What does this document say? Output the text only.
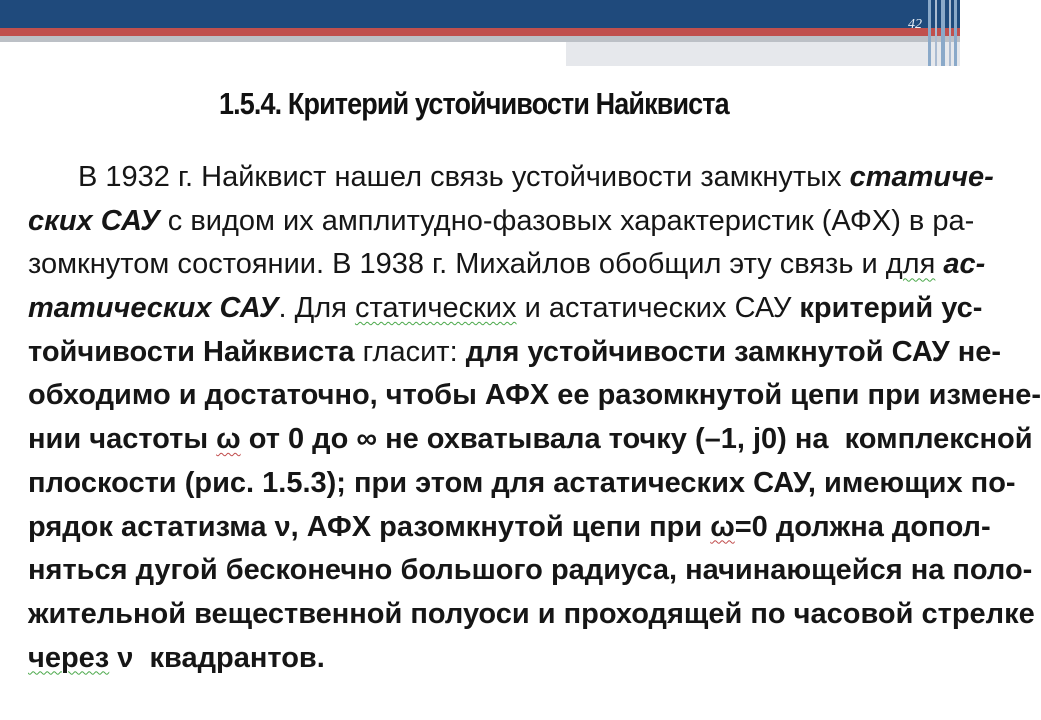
42
1.5.4. Критерий устойчивости Найквиста
В 1932 г. Найквист нашел связь устойчивости замкнутых статиче-
ских САУ с видом их амплитудно-фазовых характеристик (АФХ) в ра-
зомкнутом состоянии. В 1938 г. Михайлов обобщил эту связь и для ас-
татических САУ. Для статических и астатических САУ критерий ус-
тойчивости Найквиста гласит: для устойчивости замкнутой САУ не-
обходимо и достаточно, чтобы АФХ ее разомкнутой цепи при измене-
нии частоты ω от 0 до ∞ не охватывала точку (–1, j0) на  комплексной
плоскости (рис. 1.5.3); при этом для астатических САУ, имеющих по-
рядок астатизма ν, АФХ разомкнутой цепи при ω=0 должна допол-
няться дугой бесконечно большого радиуса, начинающейся на поло-
жительной вещественной полуоси и проходящей по часовой стрелке
через ν  квадрантов.
